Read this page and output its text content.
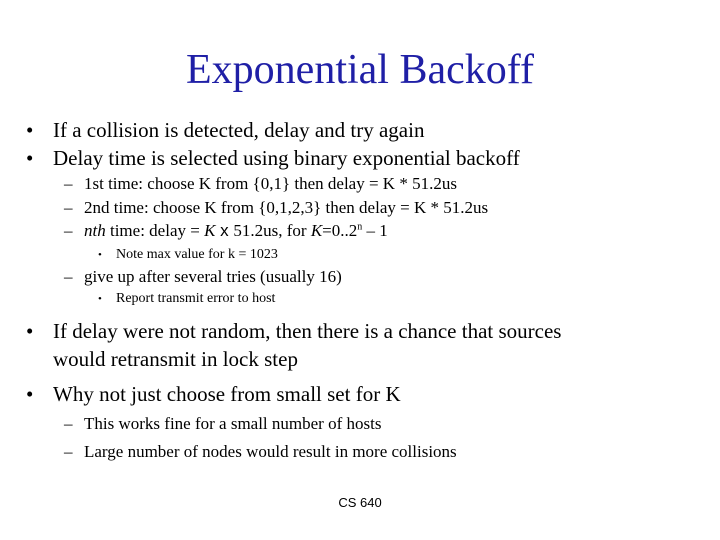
Exponential Backoff
• If a collision is detected, delay and try again
• Delay time is selected using binary exponential backoff
– 1st time: choose K from {0,1} then delay = K * 51.2us
– 2nd time: choose K from {0,1,2,3} then delay = K * 51.2us
– nth time: delay = K x 51.2us, for $K=0..2^n - 1$
• Note max value for k = 1023
– give up after several tries (usually 16)
• Report transmit error to host
• If delay were not random, then there is a chance that sources
would retransmit in lock step
• Why not just choose from small set for K
– This works fine for a small number of hosts
– Large number of nodes would result in more collisions
CS 640
